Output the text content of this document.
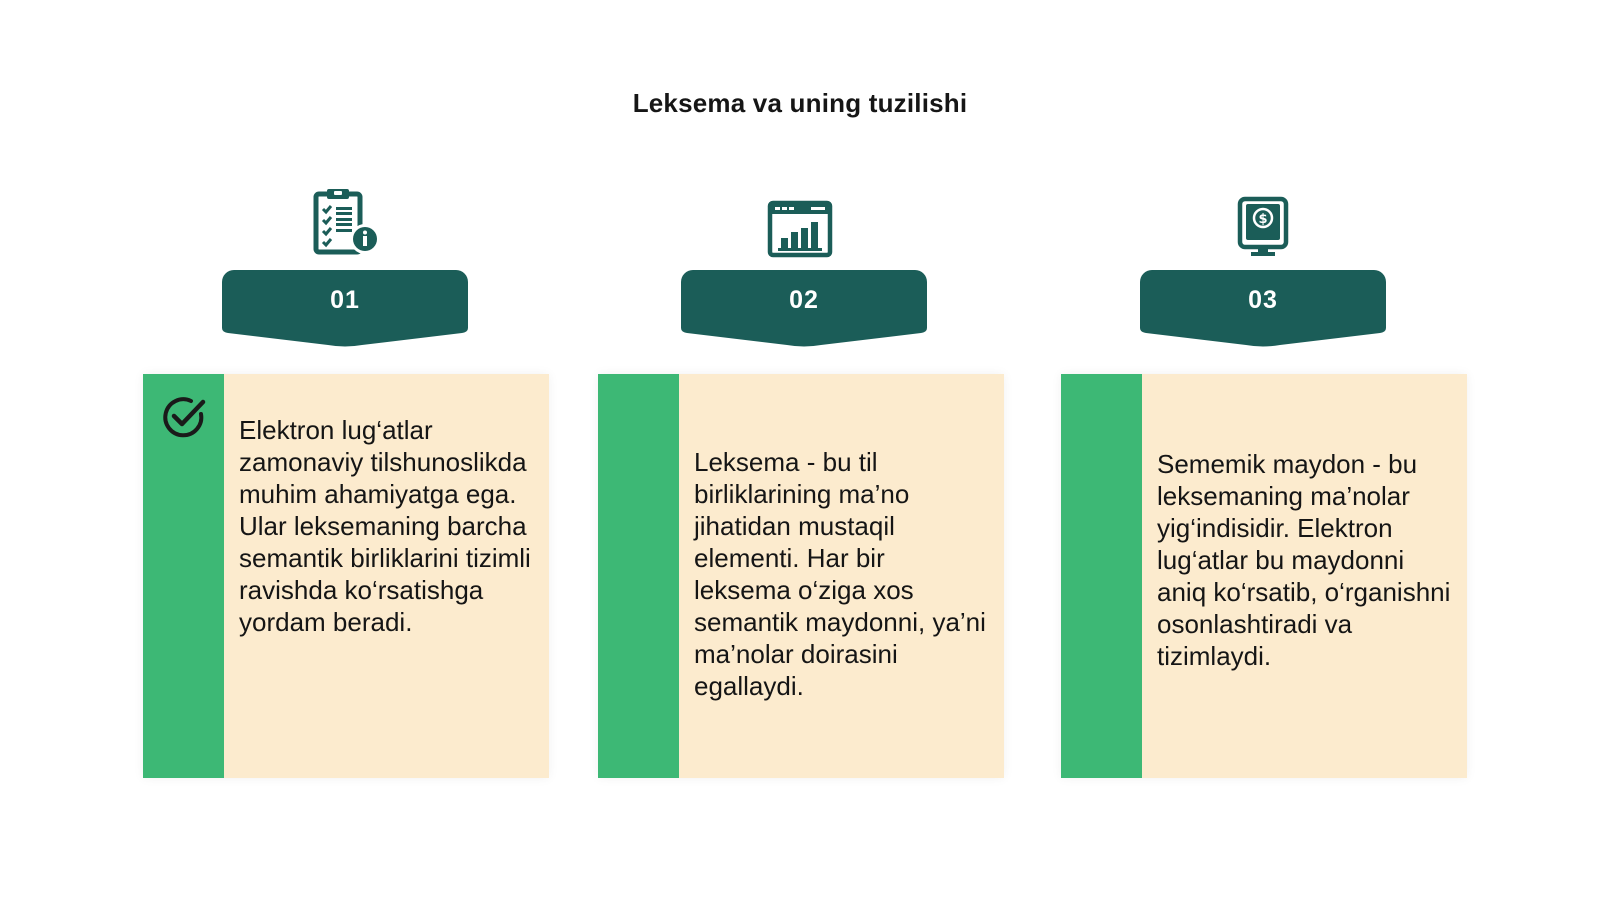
Leksema va uning tuzilishi
01
Elektron lug‘atlar zamonaviy tilshunoslikda muhim ahamiyatga ega. Ular leksemaning barcha semantik birliklarini tizimli ravishda ko‘rsatishga yordam beradi.
02
Leksema - bu til birliklarining ma’no jihatidan mustaqil elementi. Har bir leksema o‘ziga xos semantik maydonni, ya’ni ma’nolar doirasini egallaydi.
$
03
Sememik maydon - bu leksemaning ma’nolar yig‘indisidir. Elektron lug‘atlar bu maydonni aniq ko‘rsatib, o‘rganishni osonlashtiradi va tizimlaydi.
